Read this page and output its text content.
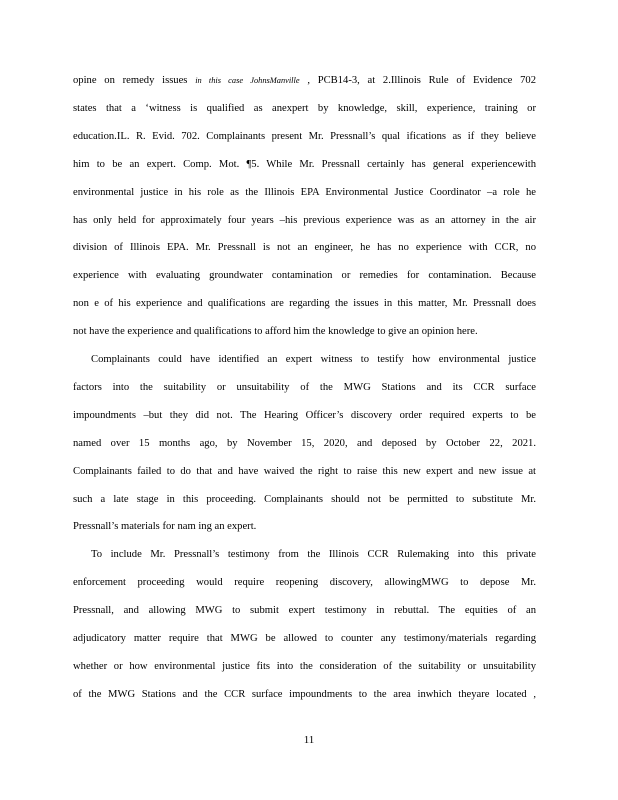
opine on remedy issues in this case JohnsManville , PCB14-3, at 2.Illinois Rule of Evidence 702
states that a ‘witness is qualified as anexpert by knowledge, skill, experience, training or
education.IL. R. Evid. 702. Complainants present Mr. Pressnall’s qual ifications as if they believe
him to be an expert. Comp. Mot. ¶5. While Mr. Pressnall certainly has general experiencewith
environmental justice in his role as the Illinois EPA Environmental Justice Coordinator –a role he
has only held for approximately four years –his previous experience was as an attorney in the air
division of Illinois EPA. Mr. Pressnall is not an engineer, he has no experience with CCR, no
experience with evaluating groundwater contamination or remedies for contamination. Because
non e of his experience and qualifications are regarding the issues in this matter, Mr. Pressnall does
not have the experience and qualifications to afford him the knowledge to give an opinion here.
Complainants could have identified an expert witness to testify how environmental justice
factors into the suitability or unsuitability of the MWG Stations and its CCR surface
impoundments –but they did not. The Hearing Officer’s discovery order required experts to be
named over 15 months ago, by November 15, 2020, and deposed by October 22, 2021.
Complainants failed to do that and have waived the right to raise this new expert and new issue at
such a late stage in this proceeding. Complainants should not be permitted to substitute Mr.
Pressnall’s materials for nam ing an expert.
To include Mr. Pressnall’s testimony from the Illinois CCR Rulemaking into this private
enforcement proceeding would require reopening discovery, allowingMWG to depose Mr.
Pressnall, and allowing MWG to submit expert testimony in rebuttal. The equities of an
adjudicatory matter require that MWG be allowed to counter any testimony/materials regarding
whether or how environmental justice fits into the consideration of the suitability or unsuitability
of the MWG Stations and the CCR surface impoundments to the area inwhich theyare located ,
11
